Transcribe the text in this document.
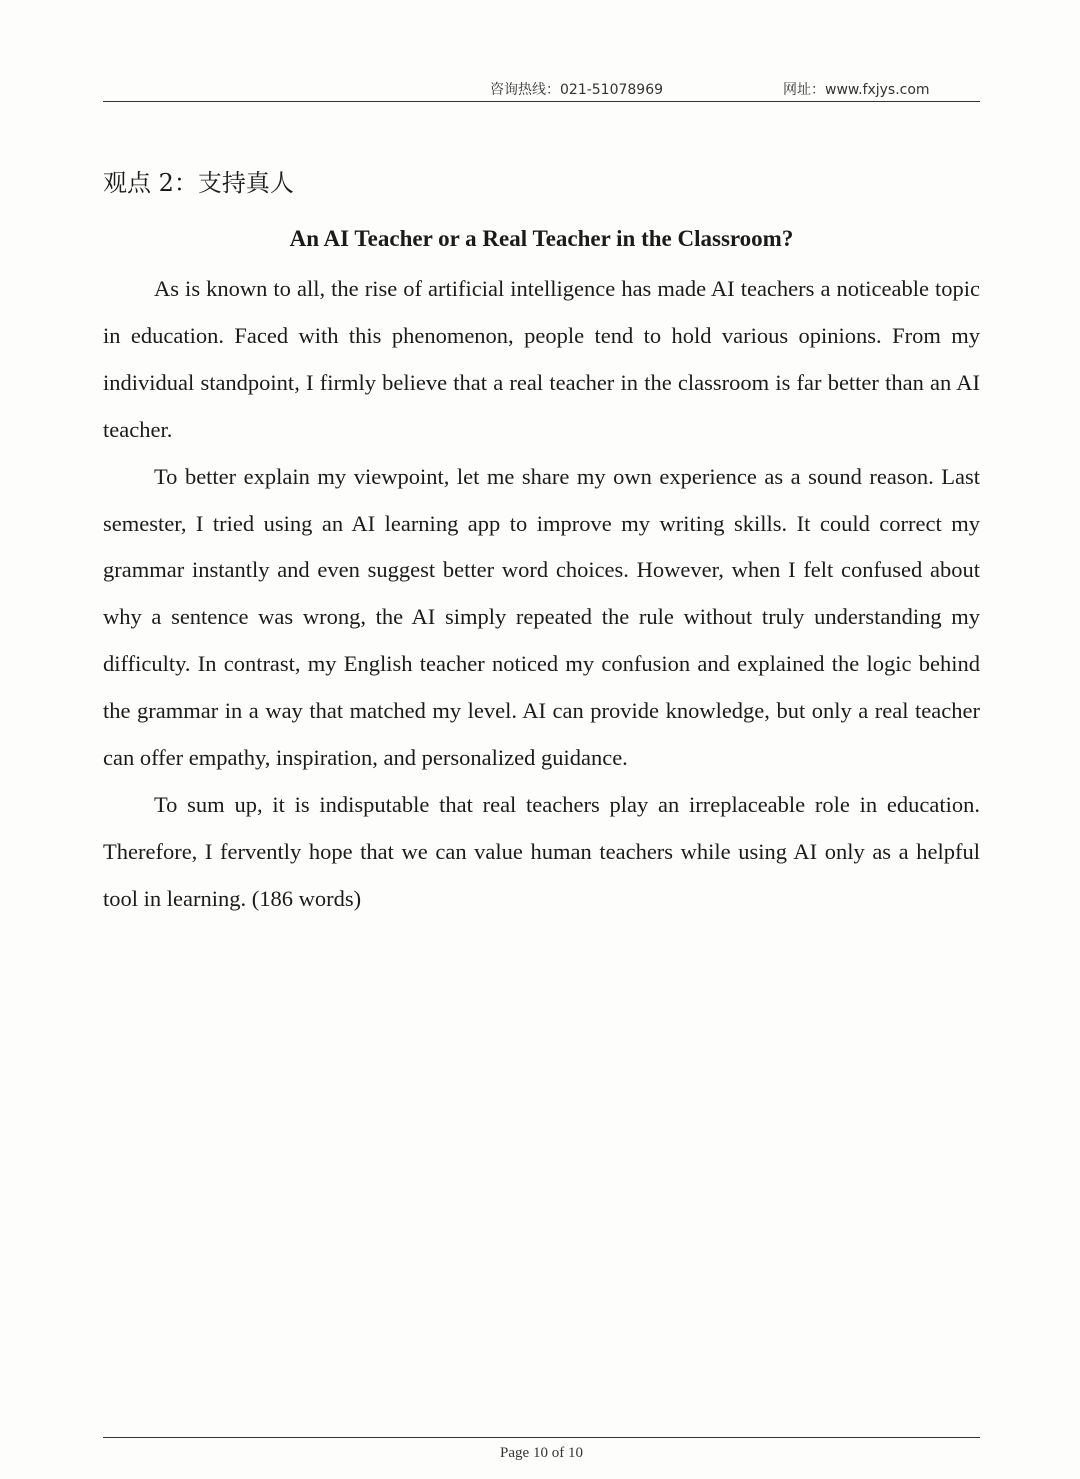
咨询热线：021-51078969	网址：www.fxjys.com
观点 2：支持真人
An AI Teacher or a Real Teacher in the Classroom?

As is known to all, the rise of artificial intelligence has made AI teachers a noticeable topic in education. Faced with this phenomenon, people tend to hold various opinions. From my individual standpoint, I firmly believe that a real teacher in the classroom is far better than an AI teacher.

To better explain my viewpoint, let me share my own experience as a sound reason. Last semester, I tried using an AI learning app to improve my writing skills. It could correct my grammar instantly and even suggest better word choices. However, when I felt confused about why a sentence was wrong, the AI simply repeated the rule without truly understanding my difficulty. In contrast, my English teacher noticed my confusion and explained the logic behind the grammar in a way that matched my level. AI can provide knowledge, but only a real teacher can offer empathy, inspiration, and personalized guidance.

To sum up, it is indisputable that real teachers play an irreplaceable role in education. Therefore, I fervently hope that we can value human teachers while using AI only as a helpful tool in learning. (186 words)

Page 10 of 10
